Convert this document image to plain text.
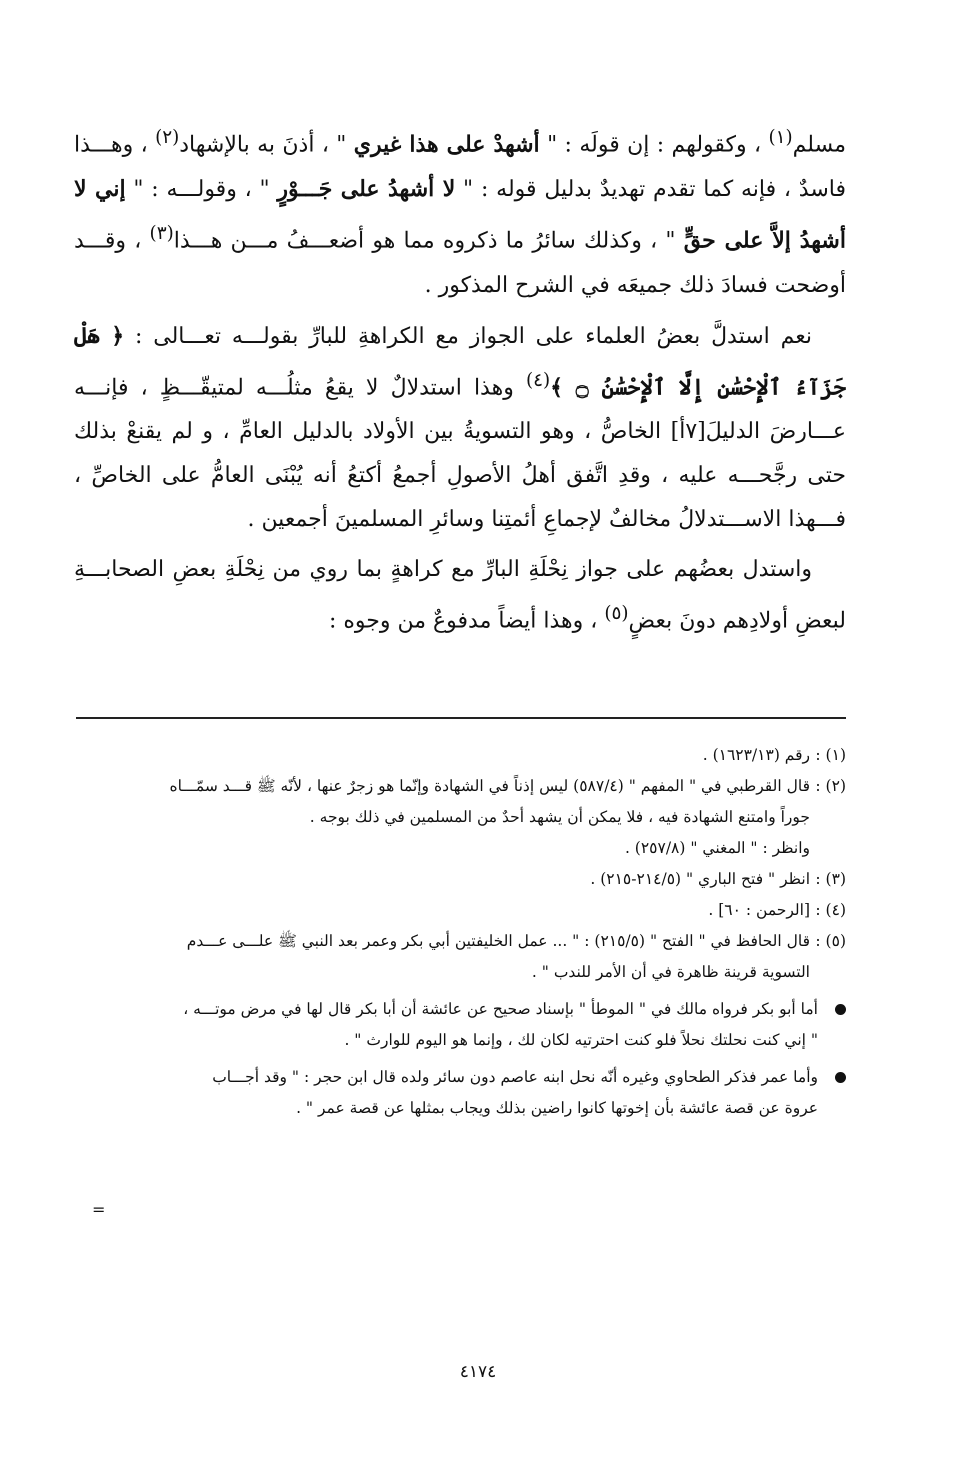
مسلم$^{(١)}$ ، وكقولهم : إن قولَه : " أشهدْ على هذا غيري " ، أذنَ به بالإشهاد$^{(٢)}$ ، وهـــذا فاسدٌ ، فإنه كما تقدم تهديدٌ بدليل قوله : " لا أشهدُ على جَـــوْرٍ " ، وقولـــه : " إني لا أشهدُ إلاَّ على حقٍّ " ، وكذلك سائرُ ما ذكروه مما هو أضعـــفُ مـــن هـــذا$^{(٣)}$ ، وقـــد أوضحت فسادَ ذلك جميعَه في الشرح المذكور .

نعم استدلَّ بعضُ العلماء على الجواز مع الكراهةِ للبارِّ بقولـــه تعـــالى : ﴿ هَلْ جَزَآءُ ٱلْإِحْسَٰنِ إِلَّا ٱلْإِحْسَٰنُ ۝ ﴾$^{(٤)}$ وهذا استدلالٌ لا يقعُ مثلُـــه لمتيقّـــظٍ ، فإنـــه عـــارضَ الدليلَ[٧أ] الخاصُّ ، وهو التسويةُ بين الأولاد بالدليل العامِّ ، و لم يقنعْ بذلك حتى رجَّحـــه عليه ، وقدِ اتَّفق أهلُ الأصولِ أجمعُ أكتعُ أنه يُبْنَى العامُّ على الخاصِّ ، فـــهذا الاســـتدلالُ مخالفٌ لإجماعِ أئمتِنا وسائرِ المسلمينَ أجمعين .

واستدل بعضُهم على جواز نِحْلَةِ البارِّ مع كراهةٍ بما روي من نِحْلَةِ بعضِ الصحابـــةِ لبعضِ أولادِهم دونَ بعضٍ$^{(٥)}$ ، وهذا أيضاً مدفوعٌ من وجوه :

(١) :
رقم (١٦٢٣/١٣) .
(٢) :
قال القرطبي في " المفهم " (٥٨٧/٤) ليس إذناً في الشهادة وإنّما هو زجرٌ عنها ، لأنّه ﷺ قـــد سمّـــاه
جوراً وامتنع الشهادة فيه ، فلا يمكن أن يشهد أحدٌ من المسلمين في ذلك بوجه .
وانظر : " المغني " (٢٥٧/٨) .
(٣) :
انظر " فتح الباري " (٢١٤/٥-٢١٥) .
(٤) :
[الرحمن : ٦٠] .
(٥) :
قال الحافظ في " الفتح " (٢١٥/٥) : " ... عمل الخليفتين أبي بكر وعمر بعد النبي ﷺ علـــى عـــدم
التسوية قرينة ظاهرة في أن الأمر للندب " .
أما أبو بكر فرواه مالك في " الموطأ " بإسناد صحيح عن عائشة أن أبا بكر قال لها في مرض موتـــه ،
" إني كنت نحلتك نحلاً فلو كنت احترتيه لكان لك ، وإنما هو اليوم للوارث " .
وأما عمر فذكر الطحاوي وغيره أنّه نحل ابنه عاصم دون سائر ولده قال ابن حجر : " وقد أجـــاب
عروة عن قصة عائشة بأن إخوتها كانوا راضين بذلك ويجاب بمثلها عن قصة عمر " .
=
٤١٧٤
